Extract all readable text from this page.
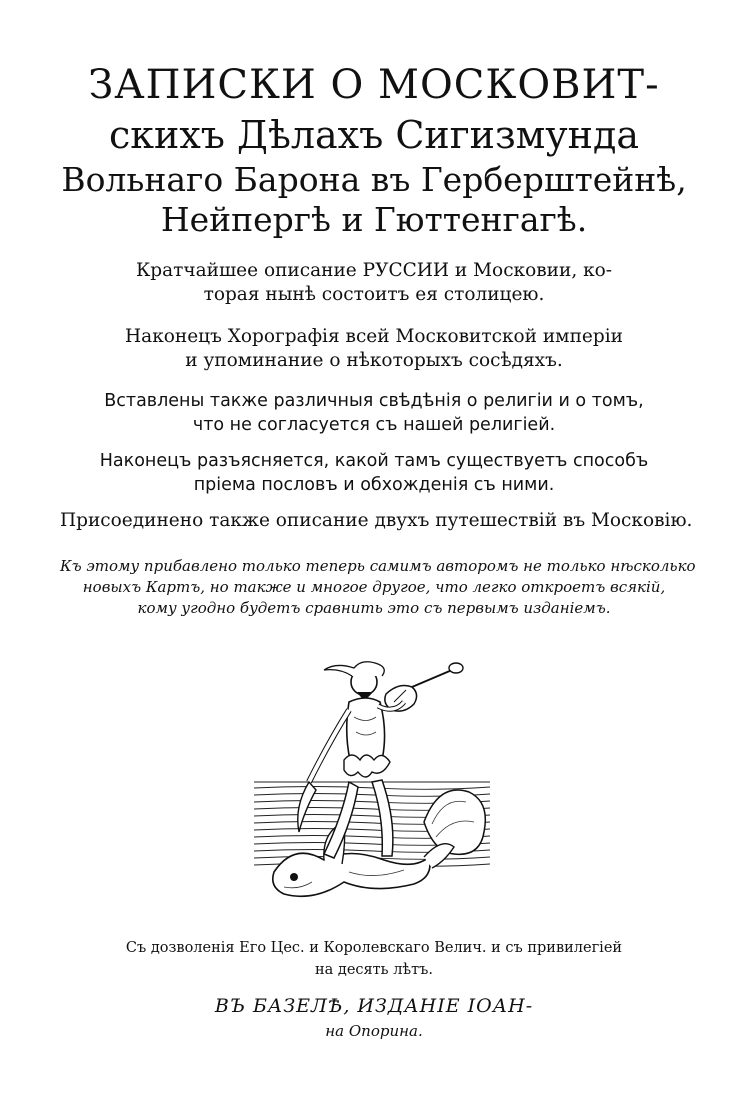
ЗАПИСКИ О МОСКОВИТ-
скихъ Дѣлахъ Сигизмунда
Вольнаго Барона въ Герберштейнѣ,
Нейпергѣ и Гюттенгагѣ.

Кратчайшее описание РУССИИ и Московии, ко-
торая нынѣ состоитъ ея столицею.

Наконецъ Хорографія всей Московитской имперіи
и упоминание о нѣкоторыхъ сосѣдяхъ.

Вставлены также различныя свѣдѣнія о религіи и о томъ,
что не согласуется съ нашей религіей.

Наконецъ разъясняется, какой тамъ существуетъ способъ
пріема пословъ и обхожденія съ ними.

Присоединено также описание двухъ путешествій въ Московію.

Къ этому прибавлено только теперь самимъ авторомъ не только нѣсколько
новыхъ Картъ, но также и многое другое, что легко откроетъ всякій,
кому угодно будетъ сравнить это съ первымъ изданіемъ.

Съ дозволенія Его Цес. и Королевскаго Велич. и съ привилегіей
на десять лѣтъ.

ВЪ БАЗЕЛѢ, ИЗДАНІЕ ІОАН-
на Опорина.
